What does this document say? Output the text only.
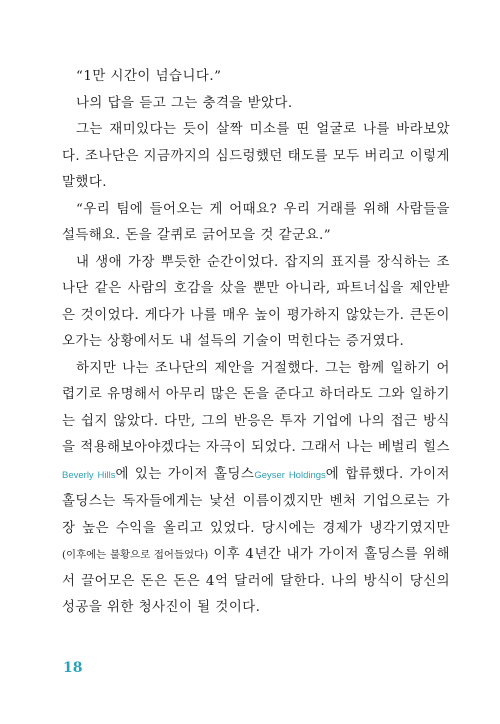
“1만 시간이 넘습니다.”

나의 답을 듣고 그는 충격을 받았다.

그는 재미있다는 듯이 살짝 미소를 띤 얼굴로 나를 바라보았다. 조나단은 지금까지의 심드렁했던 태도를 모두 버리고 이렇게 말했다.

“우리 팀에 들어오는 게 어때요? 우리 거래를 위해 사람들을 설득해요. 돈을 갈퀴로 긁어모을 것 같군요.”

내 생애 가장 뿌듯한 순간이었다. 잡지의 표지를 장식하는 조나단 같은 사람의 호감을 샀을 뿐만 아니라, 파트너십을 제안받은 것이었다. 게다가 나를 매우 높이 평가하지 않았는가. 큰돈이 오가는 상황에서도 내 설득의 기술이 먹힌다는 증거였다.

하지만 나는 조나단의 제안을 거절했다. 그는 함께 일하기 어렵기로 유명해서 아무리 많은 돈을 준다고 하더라도 그와 일하기는 쉽지 않았다. 다만, 그의 반응은 투자 기업에 나의 접근 방식을 적용해보아야겠다는 자극이 되었다. 그래서 나는 베벌리 힐스Beverly Hills에 있는 가이저 홀딩스Geyser Holdings에 합류했다. 가이저 홀딩스는 독자들에게는 낯선 이름이겠지만 벤처 기업으로는 가장 높은 수익을 올리고 있었다. 당시에는 경제가 냉각기였지만(이후에는 불황으로 접어들었다) 이후 4년간 내가 가이저 홀딩스를 위해서 끌어모은 돈은 돈은 4억 달러에 달한다. 나의 방식이 당신의 성공을 위한 청사진이 될 것이다.

18
